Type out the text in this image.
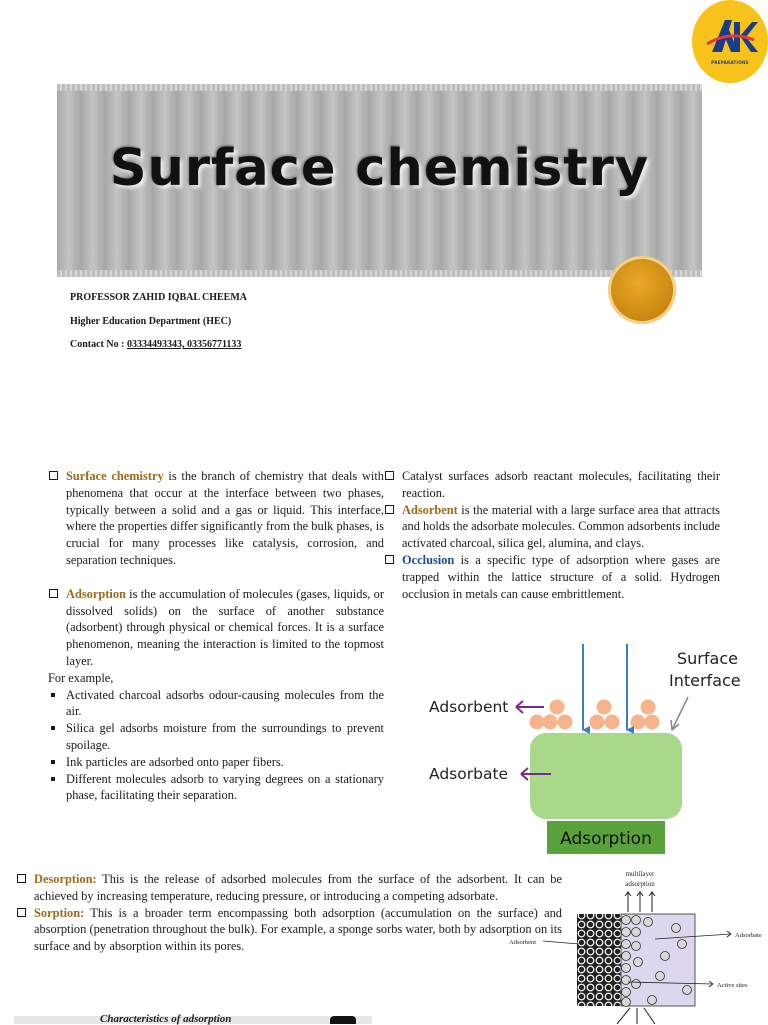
PREPARATIONS
Surface chemistry
PROFESSOR ZAHID IQBAL CHEEMA
Higher Education Department (HEC)
Contact No : 03334493343, 03356771133
Surface chemistry is the branch of chemistry that deals with phenomena that occur at the interface between two phases, typically between a solid and a gas or liquid. This interface, where the properties differ significantly from the bulk phases, is crucial for many processes like catalysis, corrosion, and separation techniques.
Adsorption is the accumulation of molecules (gases, liquids, or dissolved solids) on the surface of another substance (adsorbent) through physical or chemical forces. It is a surface phenomenon, meaning the interaction is limited to the topmost layer.
For example,
Activated charcoal adsorbs odour-causing molecules from the air.
Silica gel adsorbs moisture from the surroundings to prevent spoilage.
Ink particles are adsorbed onto paper fibers.
Different molecules adsorb to varying degrees on a stationary phase, facilitating their separation.
Catalyst surfaces adsorb reactant molecules, facilitating their reaction.
Adsorbent is the material with a large surface area that attracts and holds the adsorbate molecules. Common adsorbents include activated charcoal, silica gel, alumina, and clays.
Occlusion is a specific type of adsorption where gases are trapped within the lattice structure of a solid. Hydrogen occlusion in metals can cause embrittlement.
Surface
Interface
Adsorbent
Adsorbate
Adsorption
Desorption: This is the release of adsorbed molecules from the surface of the adsorbent. It can be achieved by increasing temperature, reducing pressure, or introducing a competing adsorbate.
Sorption: This is a broader term encompassing both adsorption (accumulation on the surface) and absorption (penetration throughout the bulk). For example, a sponge sorbs water, both by adsorption on its surface and by absorption within its pores.
multilayer
adsorption
Adsorbent
Adsorbate
Active sites
Characteristics of adsorption
